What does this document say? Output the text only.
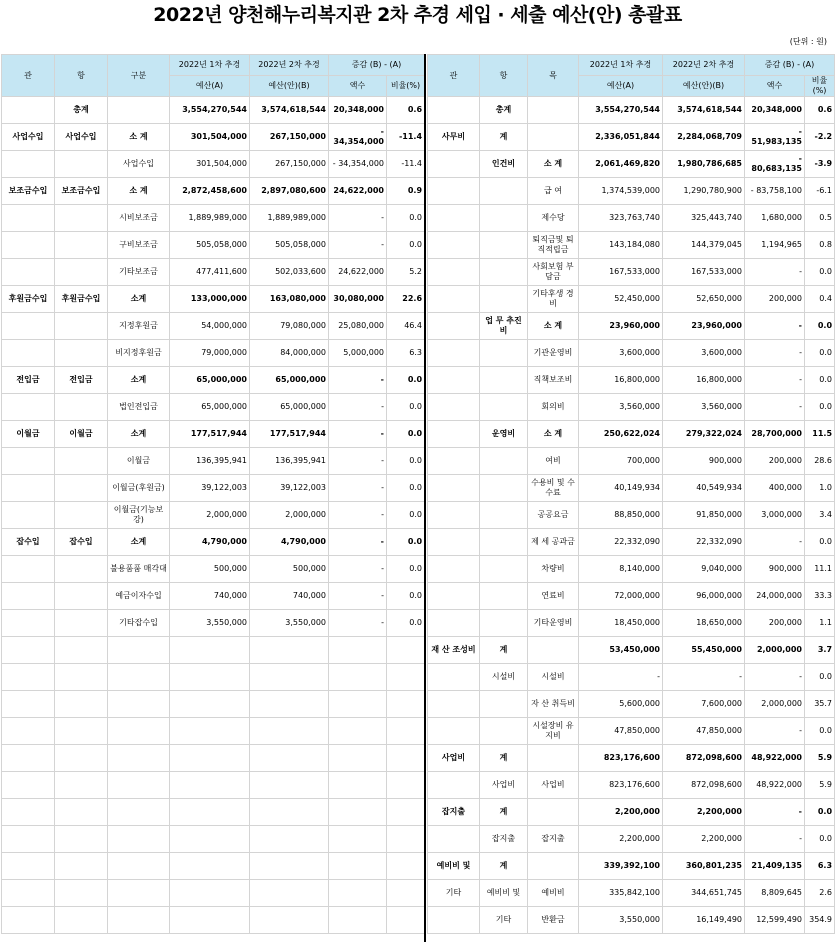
2022년 양천해누리복지관 2차 추경 세입 · 세출 예산(안) 총괄표
(단위 : 원)
관	항	구분	2022년 1차 추경	2022년 2차 추경	증감 (B) - (A)	
			예산(A)	예산(안)(B)	액수	비율(%)
	총계		3,554,270,544	3,574,618,544	20,348,000	0.6
사업수입	사업수입	소 계	301,504,000	267,150,000	- 34,354,000	-11.4
		사업수입	301,504,000	267,150,000	- 34,354,000	-11.4
보조금수입	보조금수입	소 계	2,872,458,600	2,897,080,600	24,622,000	0.9
		시비보조금	1,889,989,000	1,889,989,000	-	0.0
		구비보조금	505,058,000	505,058,000	-	0.0
		기타보조금	477,411,600	502,033,600	24,622,000	5.2
후원금수입	후원금수입	소계	133,000,000	163,080,000	30,080,000	22.6
		지정후원금	54,000,000	79,080,000	25,080,000	46.4
		비지정후원금	79,000,000	84,000,000	5,000,000	6.3
전입금	전입금	소계	65,000,000	65,000,000	-	0.0
		법인전입금	65,000,000	65,000,000	-	0.0
이월금	이월금	소계	177,517,944	177,517,944	-	0.0
		이월금	136,395,941	136,395,941	-	0.0
		이월금(후원금)	39,122,003	39,122,003	-	0.0
		이월금(기능보강)	2,000,000	2,000,000	-	0.0
잡수입	잡수입	소계	4,790,000	4,790,000	-	0.0
		불용품품 매각대	500,000	500,000	-	0.0
		예금이자수입	740,000	740,000	-	0.0
		기타잡수입	3,550,000	3,550,000	-	0.0

관	항	목	2022년 1차 추경	2022년 2차 추경	증감 (B) - (A)	
			예산(A)	예산(안)(B)	액수	비율(%)
	총계		3,554,270,544	3,574,618,544	20,348,000	0.6
사무비	계		2,336,051,844	2,284,068,709	- 51,983,135	-2.2
	인건비	소 계	2,061,469,820	1,980,786,685	- 80,683,135	-3.9
		급 여	1,374,539,000	1,290,780,900	- 83,758,100	-6.1
		제수당	323,763,740	325,443,740	1,680,000	0.5
		퇴직금및 퇴직적립금	143,184,080	144,379,045	1,194,965	0.8
		사회보험 부담금	167,533,000	167,533,000	-	0.0
		기타후생 경 비	52,450,000	52,650,000	200,000	0.4
	업 무 추진비	소 계	23,960,000	23,960,000	-	0.0
		기관운영비	3,600,000	3,600,000	-	0.0
		직책보조비	16,800,000	16,800,000	-	0.0
		회의비	3,560,000	3,560,000	-	0.0
	운영비	소 계	250,622,024	279,322,024	28,700,000	11.5
		여비	700,000	900,000	200,000	28.6
		수용비 및 수수료	40,149,934	40,549,934	400,000	1.0
		공공요금	88,850,000	91,850,000	3,000,000	3.4
		제 세 공과금	22,332,090	22,332,090	-	0.0
		차량비	8,140,000	9,040,000	900,000	11.1
		연료비	72,000,000	96,000,000	24,000,000	33.3
		기타운영비	18,450,000	18,650,000	200,000	1.1
재 산 조성비	계		53,450,000	55,450,000	2,000,000	3.7
	시설비	시설비	-	-	-	0.0
		자 산 취득비	5,600,000	7,600,000	2,000,000	35.7
		시설장비 유지비	47,850,000	47,850,000	-	0.0
사업비	계		823,176,600	872,098,600	48,922,000	5.9
	사업비	사업비	823,176,600	872,098,600	48,922,000	5.9
잡지출	계		2,200,000	2,200,000	-	0.0
	잡지출	잡지출	2,200,000	2,200,000	-	0.0
예비비 및	계		339,392,100	360,801,235	21,409,135	6.3
기타	예비비 및	예비비	335,842,100	344,651,745	8,809,645	2.6
	기타	반환금	3,550,000	16,149,490	12,599,490	354.9
